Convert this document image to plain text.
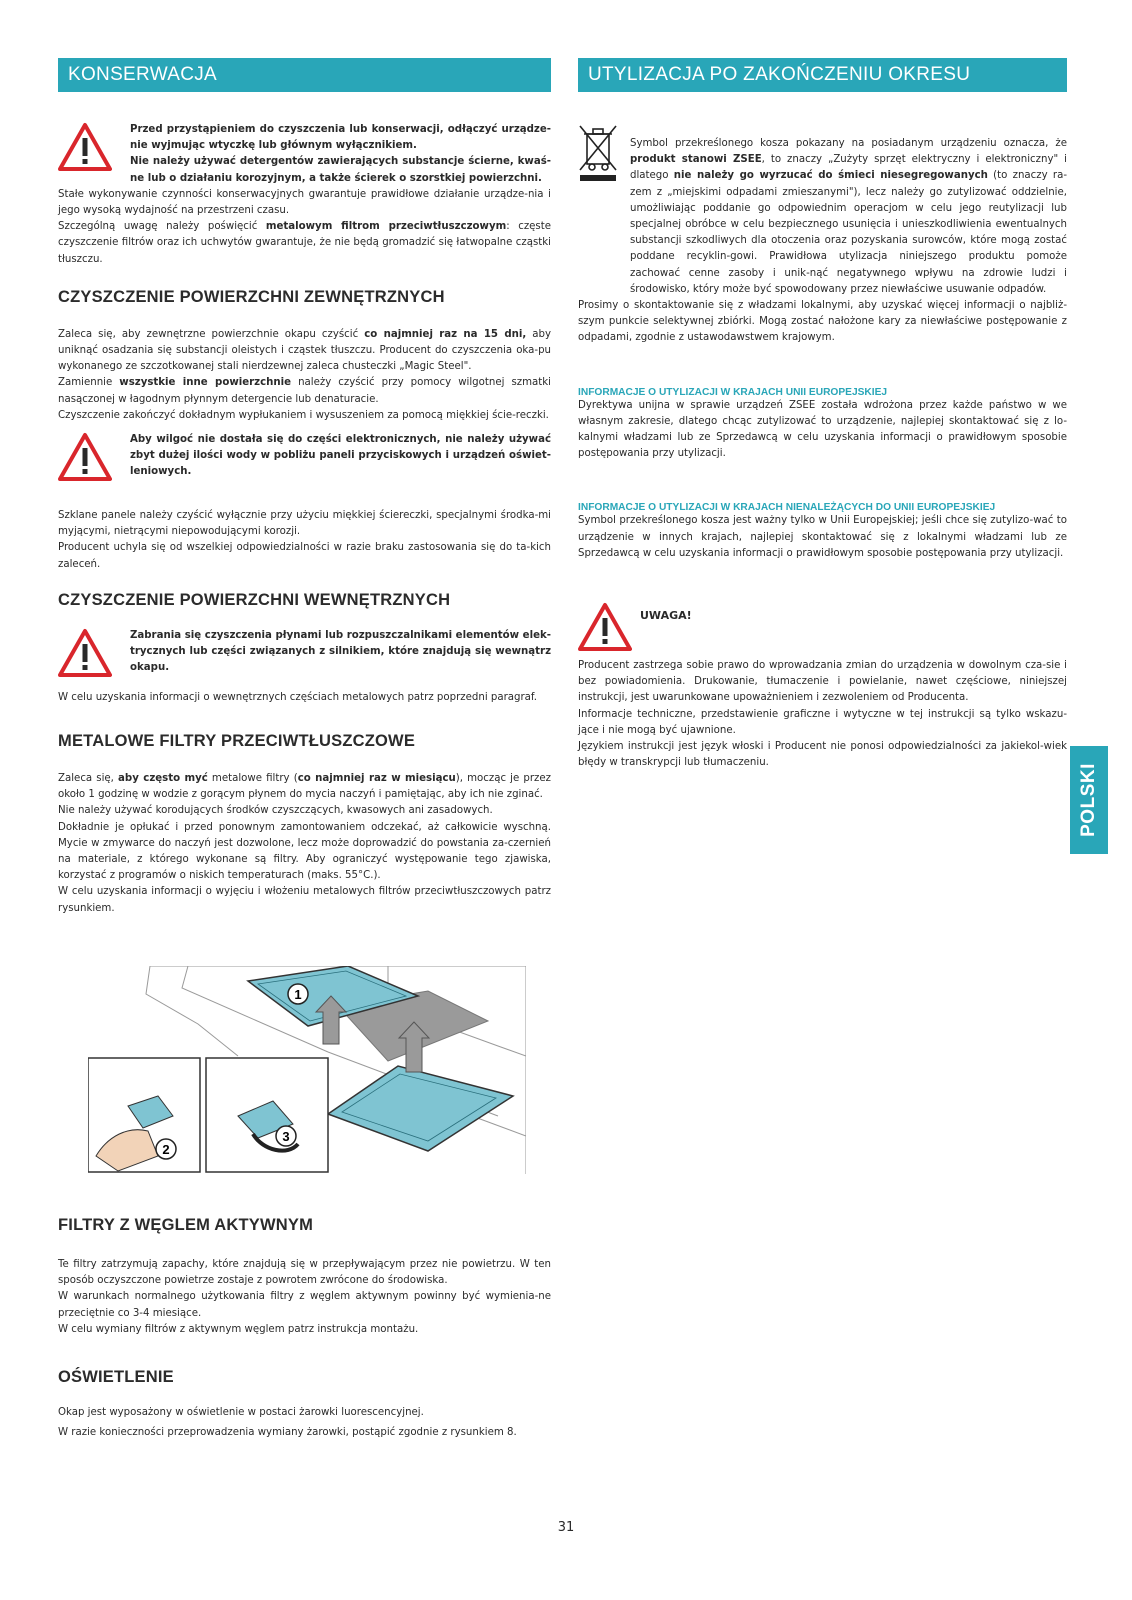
KONSERWACJA
Przed przystąpieniem do czyszczenia lub konserwacji, odłączyć urządze-nie wyjmując wtyczkę lub głównym wyłącznikiem.
Nie należy używać detergentów zawierających substancje ścierne, kwaś-ne lub o działaniu korozyjnym, a także ścierek o szorstkiej powierzchni.

Stałe wykonywanie czynności konserwacyjnych gwarantuje prawidłowe działanie urządze-nia i jego wysoką wydajność na przestrzeni czasu.

Szczególną uwagę należy poświęcić metalowym filtrom przeciwtłuszczowym: częste czyszczenie filtrów oraz ich uchwytów gwarantuje, że nie będą gromadzić się łatwopalne cząstki tłuszczu.

CZYSZCZENIE POWIERZCHNI ZEWNĘTRZNYCH

Zaleca się, aby zewnętrzne powierzchnie okapu czyścić co najmniej raz na 15 dni, aby uniknąć osadzania się substancji oleistych i cząstek tłuszczu. Producent do czyszczenia oka-pu wykonanego ze szczotkowanej stali nierdzewnej zaleca chusteczki „Magic Steel".

Zamiennie wszystkie inne powierzchnie należy czyścić przy pomocy wilgotnej szmatki nasączonej w łagodnym płynnym detergencie lub denaturacie.

Czyszczenie zakończyć dokładnym wypłukaniem i wysuszeniem za pomocą miękkiej ście-reczki.

Aby wilgoć nie dostała się do części elektronicznych, nie należy używać zbyt dużej ilości wody w pobliżu paneli przyciskowych i urządzeń oświet-leniowych.

Szklane panele należy czyścić wyłącznie przy użyciu miękkiej ściereczki, specjalnymi środka-mi myjącymi, nietrącymi niepowodującymi korozji.

Producent uchyla się od wszelkiej odpowiedzialności w razie braku zastosowania się do ta-kich zaleceń.

CZYSZCZENIE POWIERZCHNI WEWNĘTRZNYCH
Zabrania się czyszczenia płynami lub rozpuszczalnikami elementów elek-trycznych lub części związanych z silnikiem, które znajdują się wewnątrz okapu.

W celu uzyskania informacji o wewnętrznych częściach metalowych patrz poprzedni paragraf.

METALOWE FILTRY PRZECIWTŁUSZCZOWE

Zaleca się, aby często myć metalowe filtry (co najmniej raz w miesiącu), mocząc je przez około 1 godzinę w wodzie z gorącym płynem do mycia naczyń i pamiętając, aby ich nie zginać.

Nie należy używać korodujących środków czyszczących, kwasowych ani zasadowych.

Dokładnie je opłukać i przed ponownym zamontowaniem odczekać, aż całkowicie wyschną. Mycie w zmywarce do naczyń jest dozwolone, lecz może doprowadzić do powstania za-czernień na materiale, z którego wykonane są filtry. Aby ograniczyć występowanie tego zjawiska, korzystać z programów o niskich temperaturach (maks. 55°C.).

W celu uzyskania informacji o wyjęciu i włożeniu metalowych filtrów przeciwtłuszczowych patrz rysunkiem.

1
2
3
FILTRY Z WĘGLEM AKTYWNYM

Te filtry zatrzymują zapachy, które znajdują się w przepływającym przez nie powietrzu. W ten sposób oczyszczone powietrze zostaje z powrotem zwrócone do środowiska.

W warunkach normalnego użytkowania filtry z węglem aktywnym powinny być wymienia-ne przeciętnie co 3-4 miesiące.

W celu wymiany filtrów z aktywnym węglem patrz instrukcja montażu.

OŚWIETLENIE

Okap jest wyposażony w oświetlenie w postaci żarowki luorescencyjnej.

W razie konieczności przeprowadzenia wymiany żarowki, postąpić zgodnie z rysunkiem 8.

UTYLIZACJA PO ZAKOŃCZENIU OKRESU EKSPLOATACJI

Symbol przekreślonego kosza pokazany na posiadanym urządzeniu oznacza, że produkt stanowi ZSEE, to znaczy „Zużyty sprzęt elektryczny i elektroniczny" i dlatego nie należy go wyrzucać do śmieci niesegregowanych (to znaczy ra-zem z „miejskimi odpadami zmieszanymi"), lecz należy go zutylizować oddzielnie, umożliwiając poddanie go odpowiednim operacjom w celu jego reutylizacji lub specjalnej obróbce w celu bezpiecznego usunięcia i unieszkodliwienia ewentualnych substancji szkodliwych dla otoczenia oraz pozyskania surowców, które mogą zostać poddane recyklin-gowi. Prawidłowa utylizacja niniejszego produktu pomoże zachować cenne zasoby i unik-nąć negatywnego wpływu na zdrowie ludzi i środowisko, który może być spowodowany przez niewłaściwe usuwanie odpadów.

Prosimy o skontaktowanie się z władzami lokalnymi, aby uzyskać więcej informacji o najbliż-szym punkcie selektywnej zbiórki. Mogą zostać nałożone kary za niewłaściwe postępowanie z odpadami, zgodnie z ustawodawstwem krajowym.

INFORMACJE O UTYLIZACJI W KRAJACH UNII EUROPEJSKIEJ

Dyrektywa unijna w sprawie urządzeń ZSEE została wdrożona przez każde państwo w we własnym zakresie, dlatego chcąc zutylizować to urządzenie, najlepiej skontaktować się z lo-kalnymi władzami lub ze Sprzedawcą w celu uzyskania informacji o prawidłowym sposobie postępowania przy utylizacji.

INFORMACJE O UTYLIZACJI W KRAJACH NIENALEŻĄCYCH DO UNII EUROPEJSKIEJ

Symbol przekreślonego kosza jest ważny tylko w Unii Europejskiej; jeśli chce się zutylizo-wać to urządzenie w innych krajach, najlepiej skontaktować się z lokalnymi władzami lub ze Sprzedawcą w celu uzyskania informacji o prawidłowym sposobie postępowania przy utylizacji.

UWAGA!

Producent zastrzega sobie prawo do wprowadzania zmian do urządzenia w dowolnym cza-sie i bez powiadomienia. Drukowanie, tłumaczenie i powielanie, nawet częściowe, niniejszej instrukcji, jest uwarunkowane upoważnieniem i zezwoleniem od Producenta.

Informacje techniczne, przedstawienie graficzne i wytyczne w tej instrukcji są tylko wskazu-jące i nie mogą być ujawnione.

Językiem instrukcji jest język włoski i Producent nie ponosi odpowiedzialności za jakiekol-wiek błędy w transkrypcji lub tłumaczeniu.

POLSKI
31
